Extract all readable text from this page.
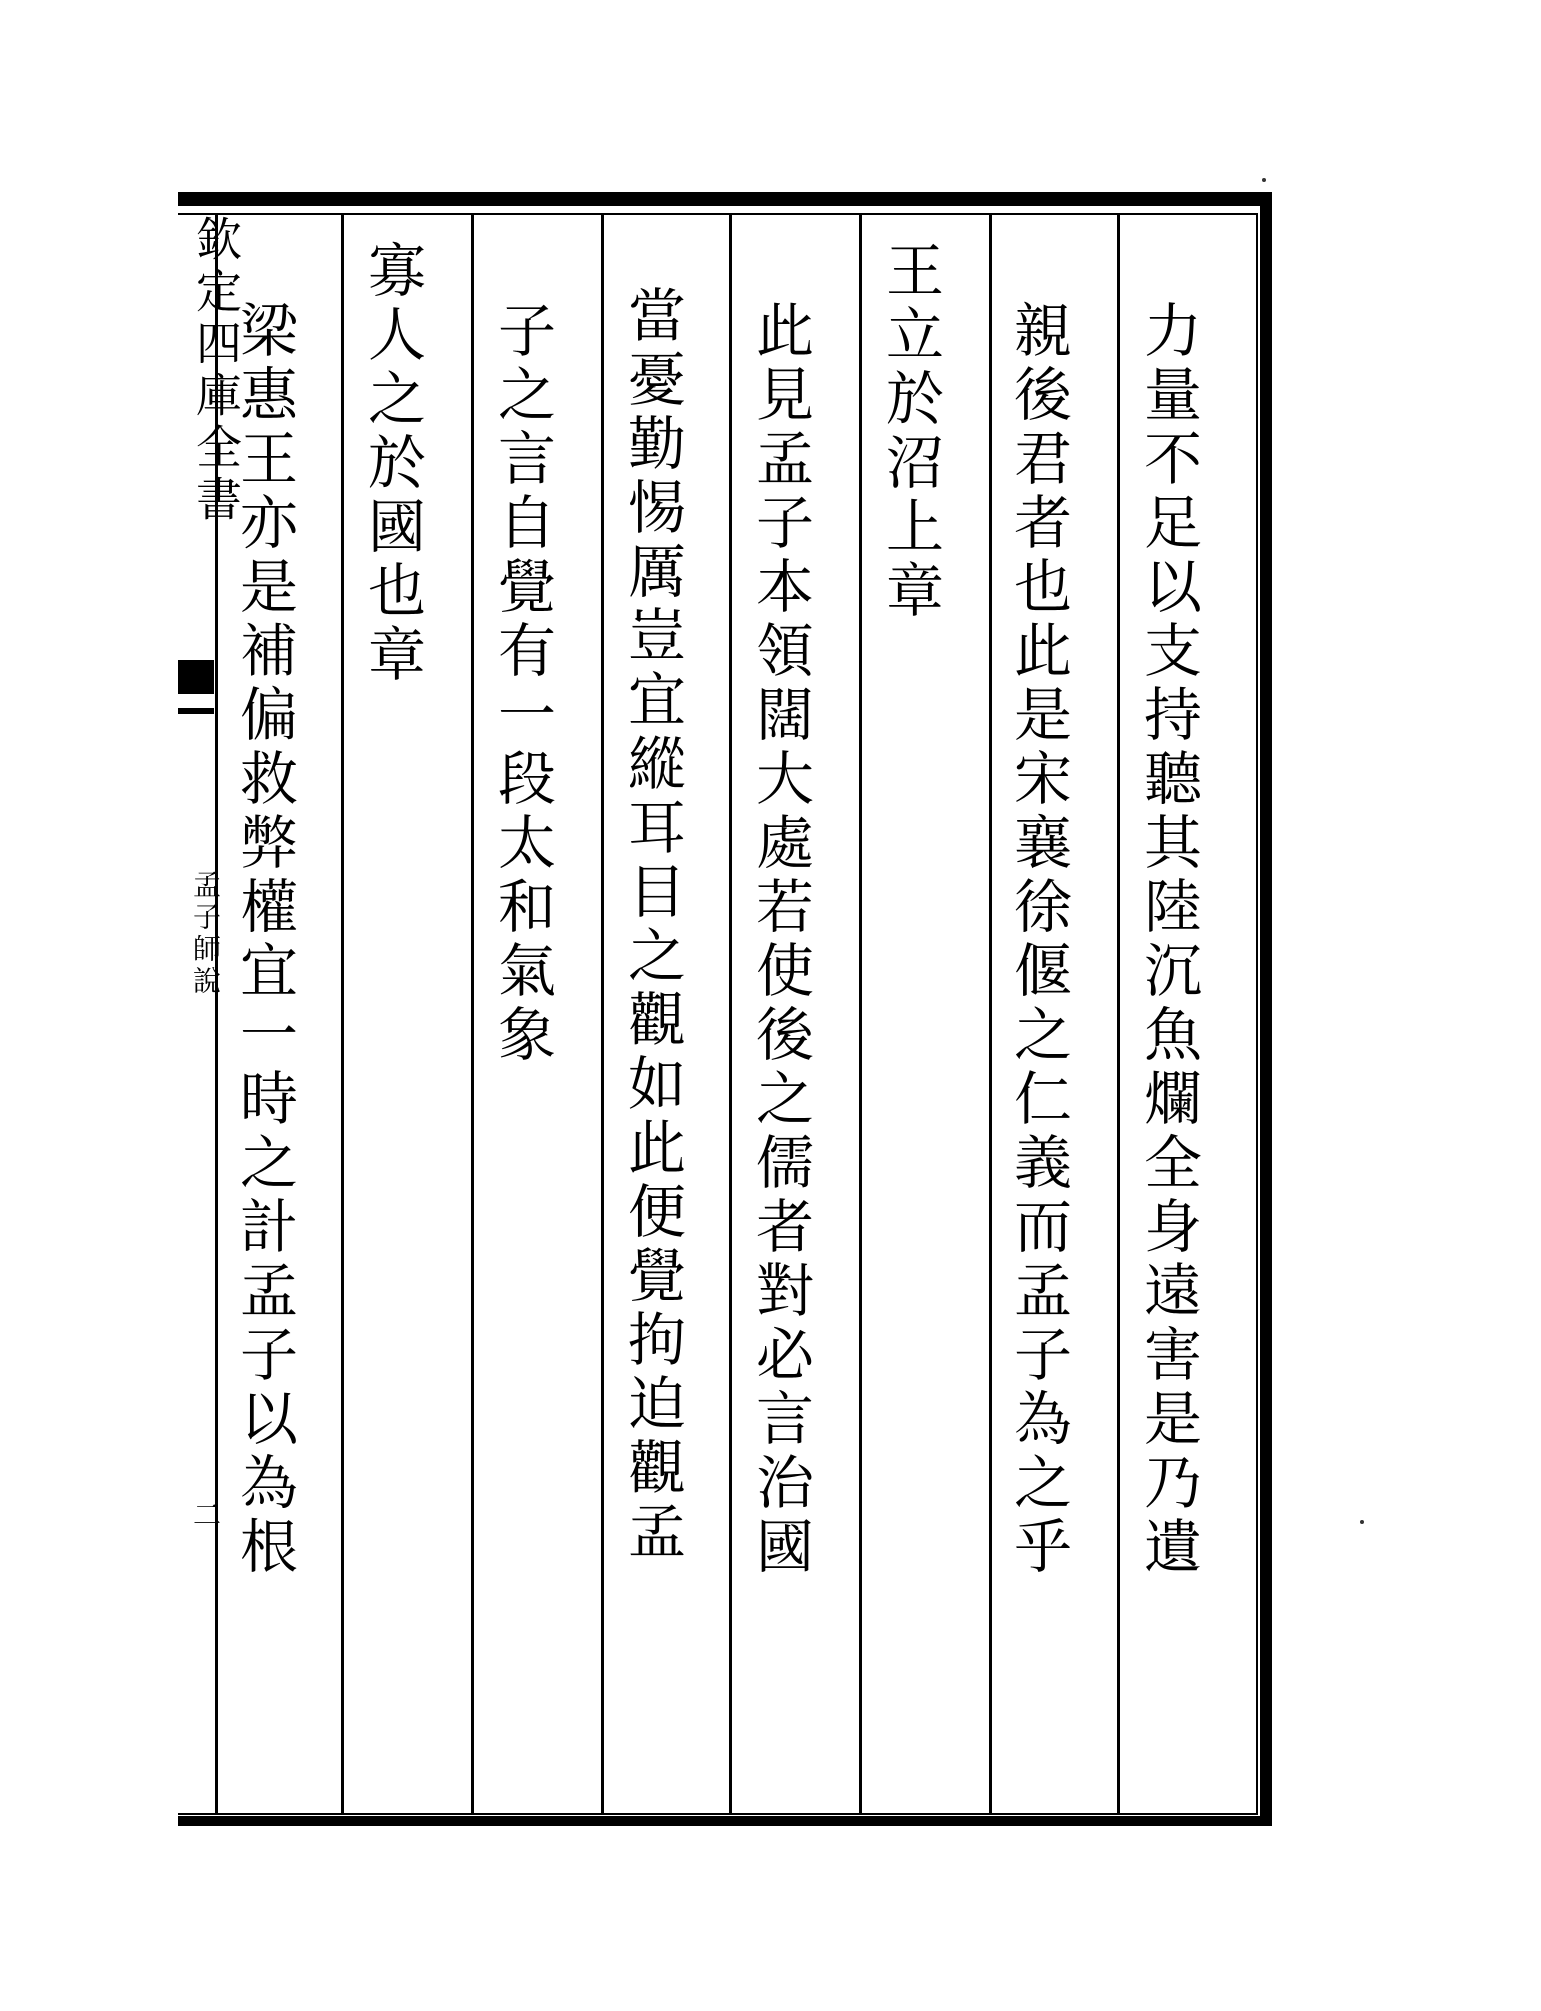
欽定四庫全書
孟子師說
二	力量不足以支持聽其陸沉魚爛全身遠害是乃遺
親後君者也此是宋襄徐偃之仁義而孟子為之乎
王立於沼上章
此見孟子本領闊大處若使後之儒者對必言治國
當憂勤惕厲豈宜縱耳目之觀如此便覺拘迫觀孟
子之言自覺有一段太和氣象
寡人之於國也章
梁惠王亦是補偏救弊權宜一時之計孟子以為根
